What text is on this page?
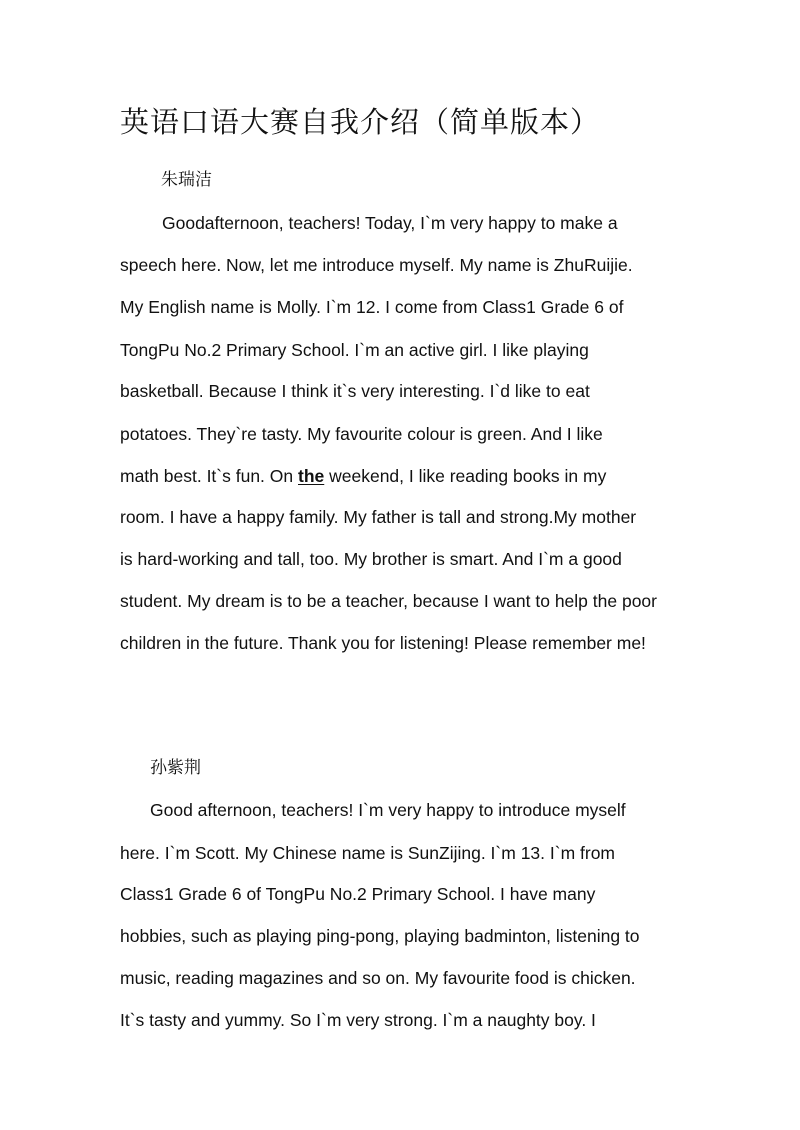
英语口语大赛自我介绍（简单版本）
朱瑞洁
Goodafternoon, teachers! Today, I`m very happy to make a
speech here. Now, let me introduce myself. My name is ZhuRuijie.
My English name is Molly. I`m 12. I come from Class1 Grade 6 of
TongPu No.2 Primary School. I`m an active girl. I like playing
basketball. Because I think it`s very interesting. I`d like to eat
potatoes. They`re tasty. My favourite colour is green. And I like
math best. It`s fun. On the weekend, I like reading books in my
room. I have a happy family. My father is tall and strong.My mother
is hard-working and tall, too. My brother is smart. And I`m a good
student. My dream is to be a teacher, because I want to help the poor
children in the future. Thank you for listening! Please remember me!
孙紫荆
Good afternoon, teachers! I`m very happy to introduce myself
here. I`m Scott. My Chinese name is SunZijing. I`m 13. I`m from
Class1 Grade 6 of TongPu No.2 Primary School. I have many
hobbies, such as playing ping-pong, playing badminton, listening to
music, reading magazines and so on. My favourite food is chicken.
It`s tasty and yummy. So I`m very strong. I`m a naughty boy. I
